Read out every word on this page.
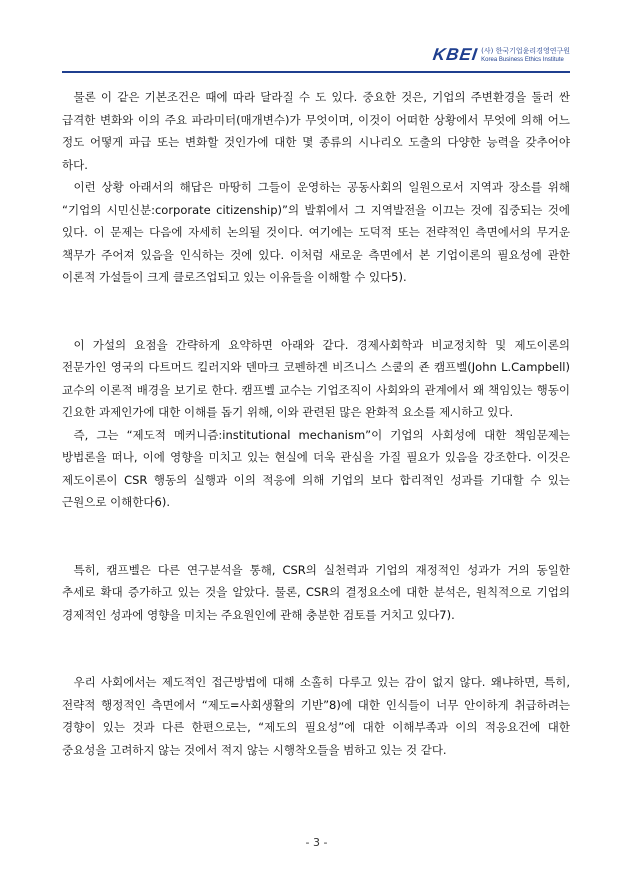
KBEI (사) 한국기업윤리경영연구원
Korea Business Ethics Institute

물론 이 같은 기본조건은 때에 따라 달라질 수 도 있다. 중요한 것은, 기업의 주변환경을 둘러 싼 급격한 변화와 이의 주요 파라미터(매개변수)가 무엇이며, 이것이 어떠한 상황에서 무엇에 의해 어느 정도 어떻게 파급 또는 변화할 것인가에 대한 몇 종류의 시나리오 도출의 다양한 능력을 갖추어야 하다.

이런 상황 아래서의 해답은 마땅히 그들이 운영하는 공동사회의 일원으로서 지역과 장소를 위해 “기업의 시민신분:corporate citizenship)”의 발휘에서 그 지역발전을 이끄는 것에 집중되는 것에 있다. 이 문제는 다음에 자세히 논의될 것이다. 여기에는 도덕적 또는 전략적인 측면에서의 무거운 책무가 주어져 있음을 인식하는 것에 있다. 이처럼 새로운 측면에서 본 기업이론의 필요성에 관한 이론적 가설들이 크게 클로즈업되고 있는 이유들을 이해할 수 있다5).

이 가설의 요점을 간략하게 요약하면 아래와 같다. 경제사회학과 비교정치학 및 제도이론의 전문가인 영국의 다트머드 킬러지와 덴마크 코펜하겐 비즈니스 스쿨의 죤 캠프벨(John L.Campbell)교수의 이론적 배경을 보기로 한다. 캠프벨 교수는 기업조직이 사회와의 관계에서 왜 책임있는 행동이 긴요한 과제인가에 대한 이해를 돕기 위해, 이와 관련된 많은 완화적 요소를 제시하고 있다.

즉, 그는 “제도적 메커니즘:institutional mechanism”이 기업의 사회성에 대한 책임문제는 방법론을 떠나, 이에 영향을 미치고 있는 현실에 더욱 관심을 가질 필요가 있음을 강조한다. 이것은 제도이론이 CSR 행동의 실행과 이의 적응에 의해 기업의 보다 합리적인 성과를 기대할 수 있는 근원으로 이해한다6).

특히, 캠프벨은 다른 연구분석을 통해, CSR의 실천력과 기업의 재정적인 성과가 거의 동일한 추세로 확대 증가하고 있는 것을 알았다. 물론, CSR의 결정요소에 대한 분석은, 원칙적으로 기업의 경제적인 성과에 영향을 미치는 주요원인에 관해 충분한 검토를 거치고 있다7).

우리 사회에서는 제도적인 접근방법에 대해 소홀히 다루고 있는 감이 없지 않다. 왜냐하면, 특히, 전략적 행정적인 측면에서 “제도=사회생활의 기반”8)에 대한 인식들이 너무 안이하게 취급하려는 경향이 있는 것과 다른 한편으로는, “제도의 필요성”에 대한 이해부족과 이의 적응요건에 대한 중요성을 고려하지 않는 것에서 적지 않는 시행착오들을 범하고 있는 것 같다.

- 3 -
